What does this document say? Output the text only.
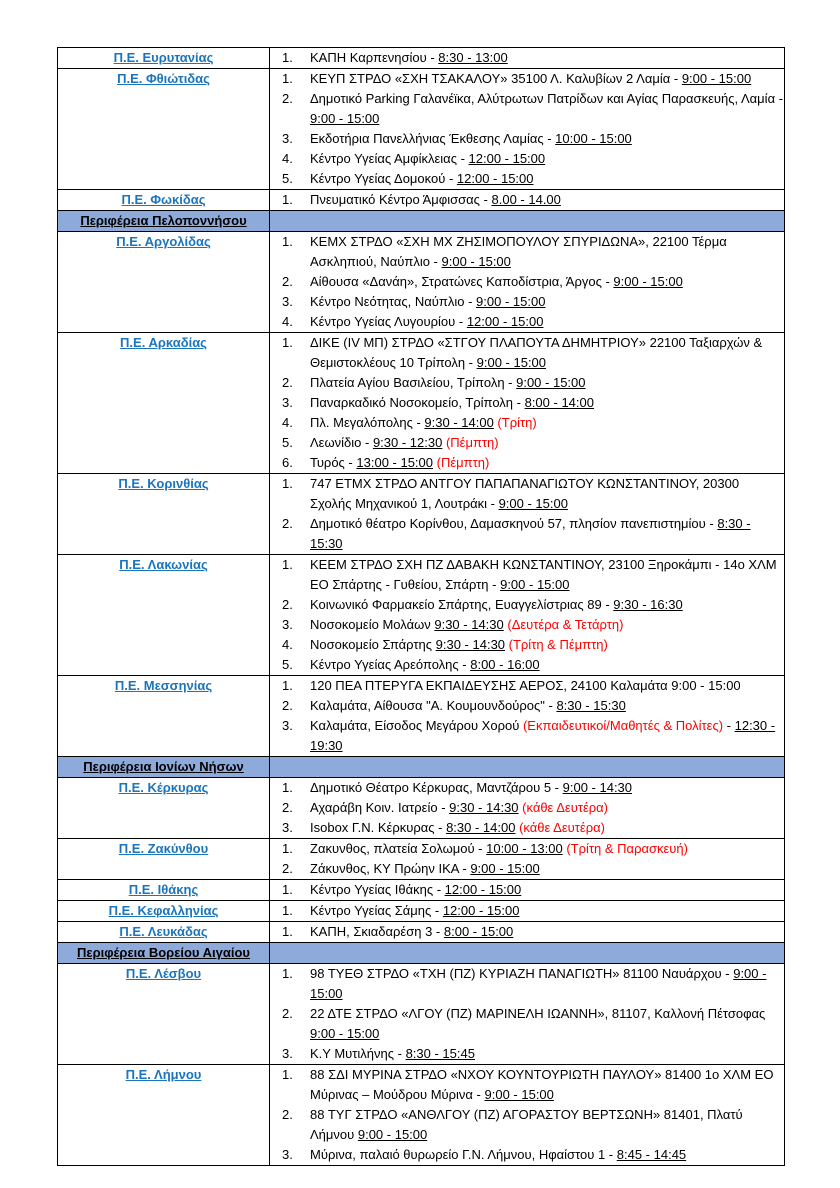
Π.Ε. Ευρυτανίας	ΚΑΠΗ Καρπενησίου - 8:30 - 13:00

Π.Ε. Φθιώτιδας	ΚΕΥΠ ΣΤΡΔΟ «ΣΧΗ ΤΣΑΚΑΛΟΥ» 35100 Λ. Καλυβίων 2 Λαμία - 9:00 - 15:00
Δημοτικό Parking Γαλανέϊκα, Αλύτρωτων Πατρίδων και Αγίας Παρασκευής, Λαμία - 9:00 - 15:00
Εκδοτήρια Πανελλήνιας Έκθεσης Λαμίας - 10:00 - 15:00
Κέντρο Υγείας Αμφίκλειας - 12:00 - 15:00
Κέντρο Υγείας Δομοκού - 12:00 - 15:00

Π.Ε. Φωκίδας	Πνευματικό Κέντρο Άμφισσας - 8.00 - 14.00

Περιφέρεια Πελοποννήσου	
Π.Ε. Αργολίδας	ΚΕΜΧ ΣΤΡΔΟ «ΣΧΗ ΜΧ ΖΗΣΙΜΟΠΟΥΛΟΥ ΣΠΥΡΙΔΩΝΑ», 22100 Τέρμα Ασκληπιού, Ναύπλιο - 9:00 - 15:00
Αίθουσα «Δανάη», Στρατώνες Καποδίστρια, Άργος - 9:00 - 15:00
Κέντρο Νεότητας, Ναύπλιο - 9:00 - 15:00
Κέντρο Υγείας Λυγουρίου - 12:00 - 15:00

Π.Ε. Αρκαδίας	ΔΙΚΕ (IV ΜΠ) ΣΤΡΔΟ «ΣΤΓΟΥ ΠΛΑΠΟΥΤΑ ΔΗΜΗΤΡΙΟΥ» 22100 Ταξιαρχών & Θεμιστοκλέους 10 Τρίπολη - 9:00 - 15:00
Πλατεία Αγίου Βασιλείου, Τρίπολη - 9:00 - 15:00
Παναρκαδικό Νοσοκομείο, Τρίπολη - 8:00 - 14:00
Πλ. Μεγαλόπολης - 9:30 - 14:00 (Τρίτη)
Λεωνίδιο - 9:30 - 12:30 (Πέμπτη)
Τυρός - 13:00 - 15:00 (Πέμπτη)

Π.Ε. Κορινθίας	747 ΕΤΜΧ ΣΤΡΔΟ ΑΝΤΓΟΥ ΠΑΠΑΠΑΝΑΓΙΩΤΟΥ ΚΩΝΣΤΑΝΤΙΝΟΥ, 20300 Σχολής Μηχανικού 1, Λουτράκι - 9:00 - 15:00
Δημοτικό θέατρο Κορίνθου, Δαμασκηνού 57, πλησίον πανεπιστημίου - 8:30 - 15:30

Π.Ε. Λακωνίας	ΚΕΕΜ ΣΤΡΔΟ ΣΧΗ ΠΖ ΔΑΒΑΚΗ ΚΩΝΣΤΑΝΤΙΝΟΥ, 23100 Ξηροκάμπι - 14ο ΧΛΜ ΕΟ Σπάρτης - Γυθείου, Σπάρτη - 9:00 - 15:00
Κοινωνικό Φαρμακείο Σπάρτης, Ευαγγελίστριας 89 - 9:30 - 16:30
Νοσοκομείο Μολάων 9:30 - 14:30 (Δευτέρα & Τετάρτη)
Νοσοκομείο Σπάρτης 9:30 - 14:30 (Τρίτη & Πέμπτη)
Κέντρο Υγείας Αρεόπολης - 8:00 - 16:00

Π.Ε. Μεσσηνίας	120 ΠΕΑ ΠΤΕΡΥΓΑ ΕΚΠΑΙΔΕΥΣΗΣ ΑΕΡΟΣ, 24100 Καλαμάτα 9:00 - 15:00
Καλαμάτα, Αίθουσα "Α. Κουμουνδούρος" - 8:30 - 15:30
Καλαμάτα, Είσοδος Μεγάρου Χορού (Εκπαιδευτικοί/Μαθητές & Πολίτες) - 12:30 - 19:30

Περιφέρεια Ιονίων Νήσων	
Π.Ε. Κέρκυρας	Δημοτικό Θέατρο Κέρκυρας, Μαντζάρου 5 - 9:00 - 14:30
Αχαράβη Κοιν. Ιατρείο - 9:30 - 14:30 (κάθε Δευτέρα)
Isobox Γ.Ν. Κέρκυρας - 8:30 - 14:00 (κάθε Δευτέρα)

Π.Ε. Ζακύνθου	Ζακυνθος, πλατεία Σολωμού - 10:00 - 13:00 (Τρίτη & Παρασκευή)
Ζάκυνθος, ΚΥ Πρώην ΙΚΑ - 9:00 - 15:00

Π.Ε. Ιθάκης	Κέντρο Υγείας Ιθάκης - 12:00 - 15:00

Π.Ε. Κεφαλληνίας	Κέντρο Υγείας Σάμης - 12:00 - 15:00

Π.Ε. Λευκάδας	ΚΑΠΗ, Σκιαδαρέση 3 - 8:00 - 15:00

Περιφέρεια Βορείου Αιγαίου	
Π.Ε. Λέσβου	98 ΤΥΕΘ ΣΤΡΔΟ «ΤΧΗ (ΠΖ) ΚΥΡΙΑΖΗ ΠΑΝΑΓΙΩΤΗ» 81100 Ναυάρχου - 9:00 - 15:00
22 ΔΤΕ ΣΤΡΔΟ «ΛΓΟΥ (ΠΖ) ΜΑΡΙΝΕΛΗ ΙΩΑΝΝΗ», 81107, Καλλονή Πέτσοφας 9:00 - 15:00
Κ.Υ Μυτιλήνης - 8:30 - 15:45

Π.Ε. Λήμνου	88 ΣΔΙ ΜΥΡΙΝΑ ΣΤΡΔΟ «ΝΧΟΥ ΚΟΥΝΤΟΥΡΙΩΤΗ ΠΑΥΛΟΥ» 81400 1ο ΧΛΜ ΕΟ Μύρινας – Μούδρου Μύρινα - 9:00 - 15:00
88 ΤΥΓ ΣΤΡΔΟ «ΑΝΘΛΓΟΥ (ΠΖ) ΑΓΟΡΑΣΤΟΥ ΒΕΡΤΣΩΝΗ» 81401, Πλατύ Λήμνου 9:00 - 15:00
Μύρινα, παλαιό θυρωρείο Γ.Ν. Λήμνου, Ηφαίστου 1 - 8:45 - 14:45
